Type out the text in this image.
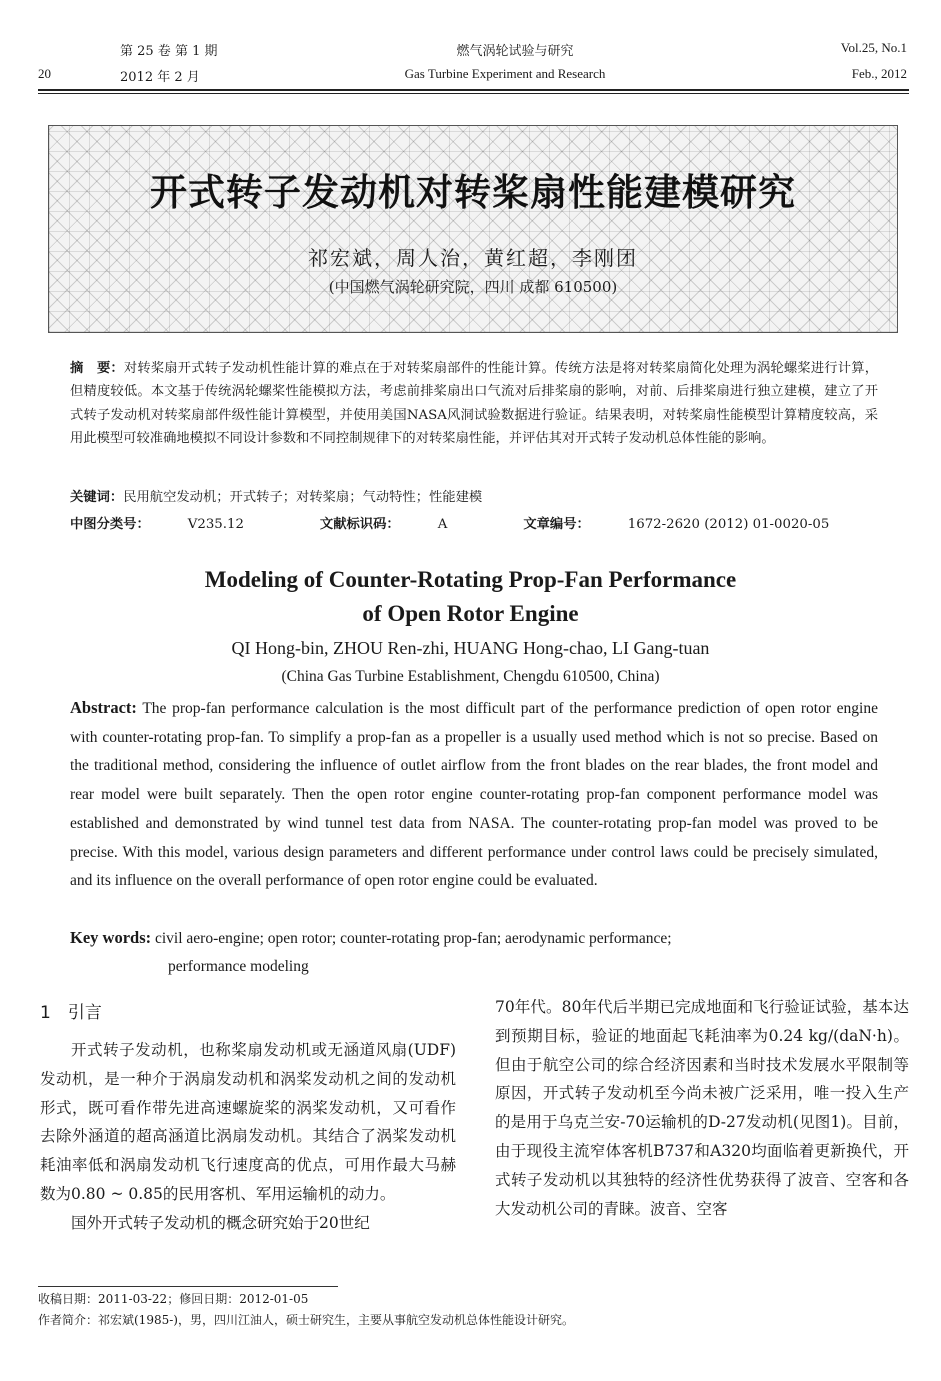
第 25 卷 第 1 期	燃气涡轮试验与研究	Vol.25, No.1
20	2012 年 2 月	Gas Turbine Experiment and Research	Feb., 2012
开式转子发动机对转桨扇性能建模研究
祁宏斌，周人治，黄红超，李刚团
(中国燃气涡轮研究院，四川 成都 610500)
摘　要：对转桨扇开式转子发动机性能计算的难点在于对转桨扇部件的性能计算。传统方法是将对转桨扇简化处理为涡轮螺桨进行计算，但精度较低。本文基于传统涡轮螺桨性能模拟方法，考虑前排桨扇出口气流对后排桨扇的影响，对前、后排桨扇进行独立建模，建立了开式转子发动机对转桨扇部件级性能计算模型，并使用美国NASA风洞试验数据进行验证。结果表明，对转桨扇性能模型计算精度较高，采用此模型可较准确地模拟不同设计参数和不同控制规律下的对转桨扇性能，并评估其对开式转子发动机总体性能的影响。
关键词：民用航空发动机；开式转子；对转桨扇；气动特性；性能建模
中图分类号：	V235.12	文献标识码：	A	文章编号：	1672-2620 (2012) 01-0020-05
Modeling of Counter-Rotating Prop-Fan Performance
of Open Rotor Engine
QI Hong-bin, ZHOU Ren-zhi, HUANG Hong-chao, LI Gang-tuan
(China Gas Turbine Establishment, Chengdu 610500, China)
Abstract: The prop-fan performance calculation is the most difficult part of the performance prediction of open rotor engine with counter-rotating prop-fan. To simplify a prop-fan as a propeller is a usually used method which is not so precise. Based on the traditional method, considering the influence of outlet airflow from the front blades on the rear blades, the front model and rear model were built separately. Then the open rotor engine counter-rotating prop-fan component performance model was established and demonstrated by wind tunnel test data from NASA. The counter-rotating prop-fan model was proved to be precise. With this model, various design parameters and different performance under control laws could be precisely simulated, and its influence on the overall performance of open rotor engine could be evaluated.
Key words: civil aero-engine; open rotor; counter-rotating prop-fan; aerodynamic performance;
performance modeling
1　引言

开式转子发动机，也称桨扇发动机或无涵道风扇(UDF)发动机，是一种介于涡扇发动机和涡桨发动机之间的发动机形式，既可看作带先进高速螺旋桨的涡桨发动机，又可看作去除外涵道的超高涵道比涡扇发动机。其结合了涡桨发动机耗油率低和涡扇发动机飞行速度高的优点，可用作最大马赫数为0.80 ~ 0.85的民用客机、军用运输机的动力。

国外开式转子发动机的概念研究始于20世纪

70年代。80年代后半期已完成地面和飞行验证试验，基本达到预期目标，验证的地面起飞耗油率为0.24 kg/(daN·h)。但由于航空公司的综合经济因素和当时技术发展水平限制等原因，开式转子发动机至今尚未被广泛采用，唯一投入生产的是用于乌克兰安-70运输机的D-27发动机(见图1)。目前，由于现役主流窄体客机B737和A320均面临着更新换代，开式转子发动机以其独特的经济性优势获得了波音、空客和各大发动机公司的青睐。波音、空客

收稿日期：2011-03-22；修回日期：2012-01-05
作者简介：祁宏斌(1985-)，男，四川江油人，硕士研究生，主要从事航空发动机总体性能设计研究。
